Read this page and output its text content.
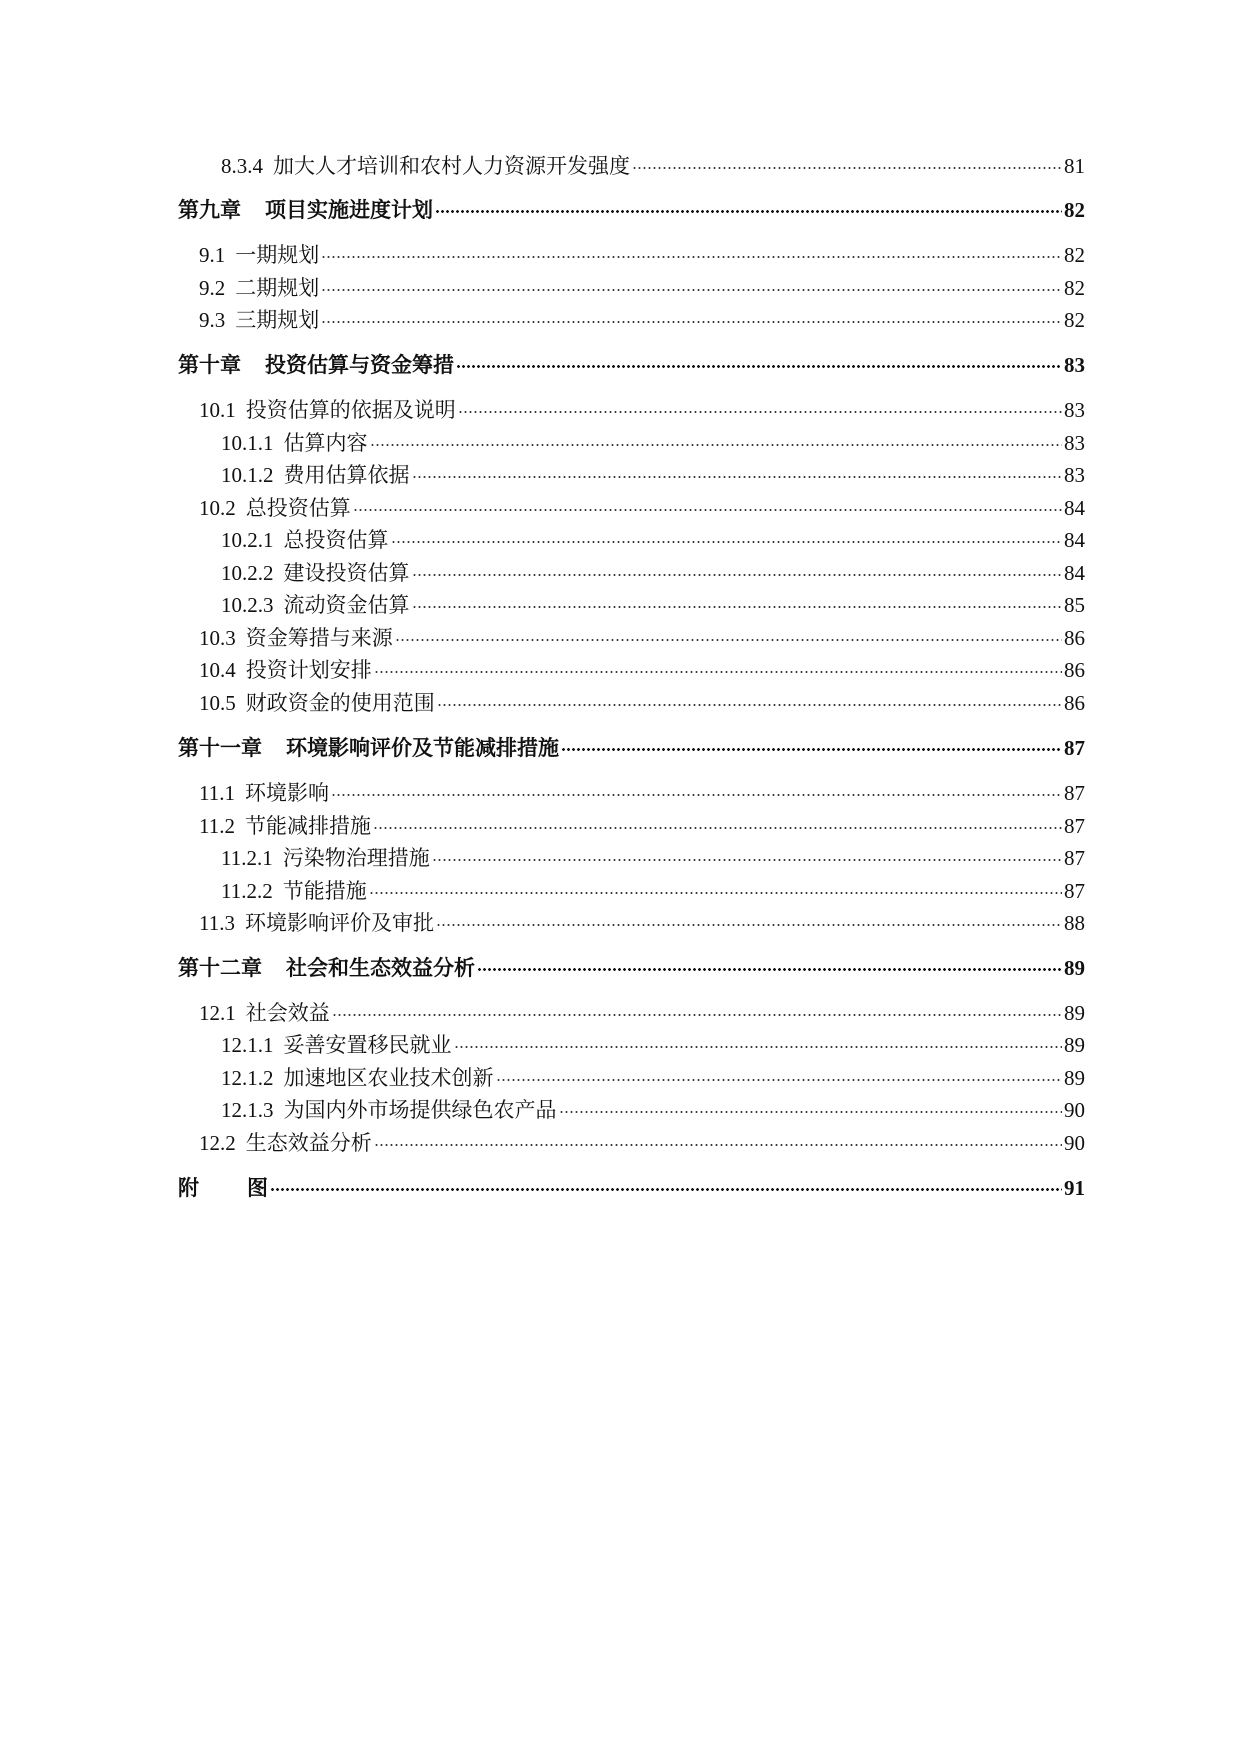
8.3.4 加大人才培训和农村人力资源开发强度	81
第九章 项目实施进度计划	82
9.1 一期规划	82
9.2 二期规划	82
9.3 三期规划	82
第十章 投资估算与资金筹措	83
10.1 投资估算的依据及说明	83
10.1.1 估算内容	83
10.1.2 费用估算依据	83
10.2 总投资估算	84
10.2.1 总投资估算	84
10.2.2 建设投资估算	84
10.2.3 流动资金估算	85
10.3 资金筹措与来源	86
10.4 投资计划安排	86
10.5 财政资金的使用范围	86
第十一章 环境影响评价及节能减排措施	87
11.1 环境影响	87
11.2 节能减排措施	87
11.2.1 污染物治理措施	87
11.2.2 节能措施	87
11.3 环境影响评价及审批	88
第十二章 社会和生态效益分析	89
12.1 社会效益	89
12.1.1 妥善安置移民就业	89
12.1.2 加速地区农业技术创新	89
12.1.3 为国内外市场提供绿色农产品	90
12.2 生态效益分析	90
附 图	91
